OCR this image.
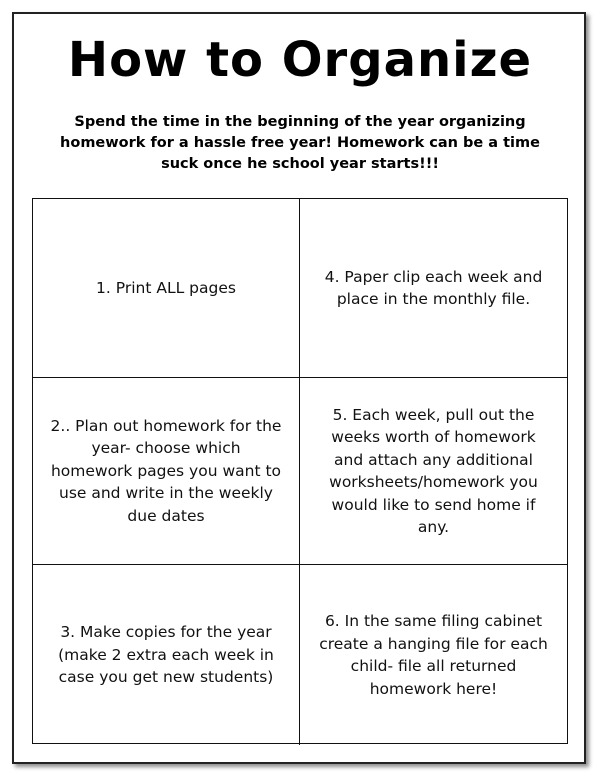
How to Organize
Spend the time in the beginning of the year organizing homework for a hassle free year! Homework can be a time suck once he school year starts!!!
1. Print ALL pages
4. Paper clip each week and place in the monthly file.
2.. Plan out homework for the year- choose which homework pages you want to use and write in the weekly due dates
5. Each week, pull out the weeks worth of homework and attach any additional worksheets/homework you would like to send home if any.
3. Make copies for the year (make 2 extra each week in case you get new students)
6. In the same filing cabinet create a hanging file for each child- file all returned homework here!
